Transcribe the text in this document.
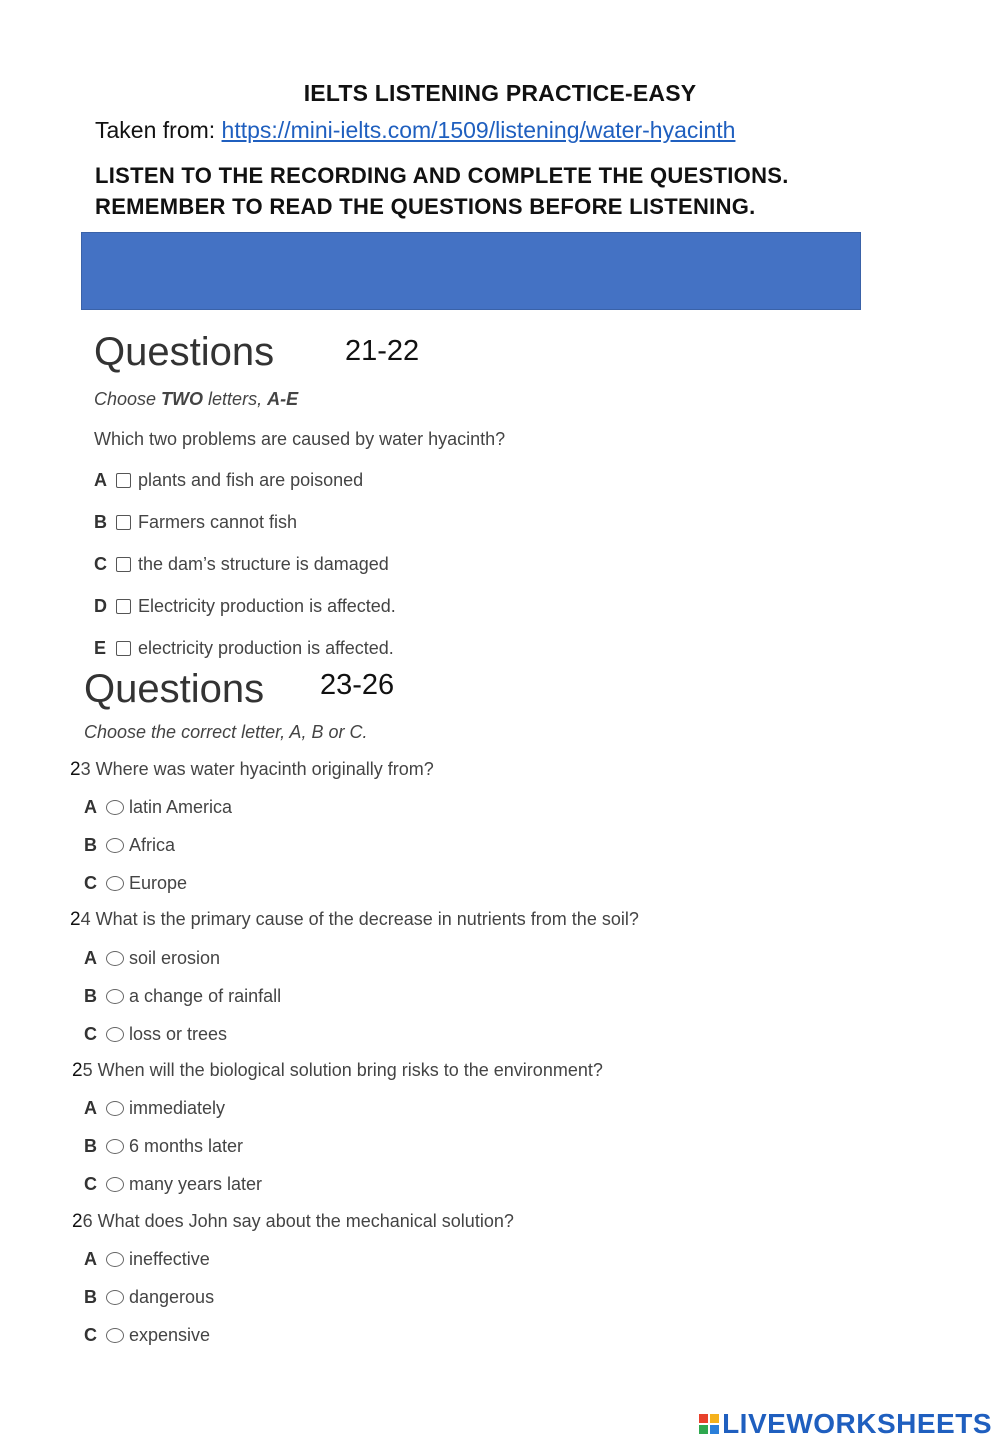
IELTS LISTENING PRACTICE-EASY
Taken from: https://mini-ielts.com/1509/listening/water-hyacinth
LISTEN TO THE RECORDING AND COMPLETE THE QUESTIONS.
REMEMBER TO READ THE QUESTIONS BEFORE LISTENING.
Questions 21-22
Choose TWO letters, A-E
Which two problems are caused by water hyacinth?
A	plants and fish are poisoned
B	Farmers cannot fish
C	the dam’s structure is damaged
D	Electricity production is affected.
E	electricity production is affected.
Questions 23-26
Choose the correct letter, A, B or C.
23 Where was water hyacinth originally from?
A	latin America
B	Africa
C	Europe
24 What is the primary cause of the decrease in nutrients from the soil?
A	soil erosion
B	a change of rainfall
C	loss or trees
25 When will the biological solution bring risks to the environment?
A	immediately
B	6 months later
C	many years later
26 What does John say about the mechanical solution?
A	ineffective
B	dangerous
C	expensive
LIVEWORKSHEETS
